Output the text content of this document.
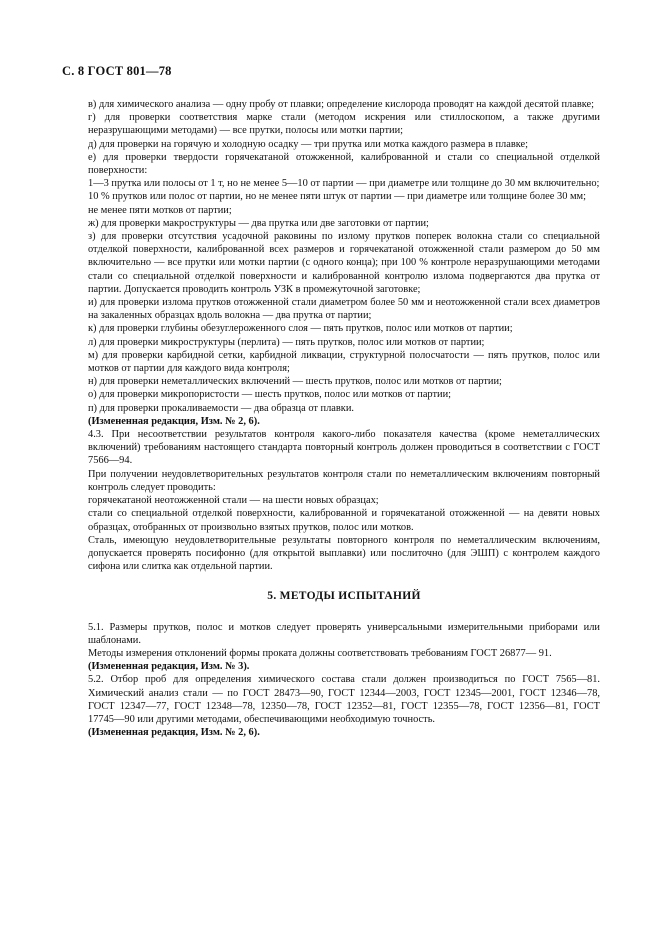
С. 8 ГОСТ 801—78

в) для химического анализа — одну пробу от плавки; определение кислорода проводят на каждой десятой плавке;

г) для проверки соответствия марке стали (методом искрения или стиллоскопом, а также другими неразрушающими методами) — все прутки, полосы или мотки партии;

д) для проверки на горячую и холодную осадку — три прутка или мотка каждого размера в плавке;

е) для проверки твердости горячекатаной отожженной, калиброванной и стали со специальной отделкой поверхности:

1—3 прутка или полосы от 1 т, но не менее 5—10 от партии — при диаметре или толщине до 30 мм включительно;

10 % прутков или полос от партии, но не менее пяти штук от партии — при диаметре или толщине более 30 мм;

не менее пяти мотков от партии;

ж) для проверки макроструктуры — два прутка или две заготовки от партии;

з) для проверки отсутствия усадочной раковины по излому прутков поперек волокна стали со специальной отделкой поверхности, калиброванной всех размеров и горячекатаной отожженной стали размером до 50 мм включительно — все прутки или мотки партии (с одного конца); при 100 % контроле неразрушающими методами стали со специальной отделкой поверхности и калиброванной контролю излома подвергаются два прутка от партии. Допускается проводить контроль УЗК в промежуточной заготовке;

и) для проверки излома прутков отожженной стали диаметром более 50 мм и неотожженной стали всех диаметров на закаленных образцах вдоль волокна — два прутка от партии;

к) для проверки глубины обезуглероженного слоя — пять прутков, полос или мотков от партии;

л) для проверки микроструктуры (перлита) — пять прутков, полос или мотков от партии;

м) для проверки карбидной сетки, карбидной ликвации, структурной полосчатости — пять прутков, полос или мотков от партии для каждого вида контроля;

н) для проверки неметаллических включений — шесть прутков, полос или мотков от партии;

о) для проверки микропористости — шесть прутков, полос или мотков от партии;

п) для проверки прокаливаемости — два образца от плавки.

(Измененная редакция, Изм. № 2, 6).

4.3. При несоответствии результатов контроля какого-либо показателя качества (кроме неметаллических включений) требованиям настоящего стандарта повторный контроль должен проводиться в соответствии с ГОСТ 7566—94.

При получении неудовлетворительных результатов контроля стали по неметаллическим включениям повторный контроль следует проводить:

горячекатаной неотожженной стали — на шести новых образцах;

стали со специальной отделкой поверхности, калиброванной и горячекатаной отожженной — на девяти новых образцах, отобранных от произвольно взятых прутков, полос или мотков.

Сталь, имеющую неудовлетворительные результаты повторного контроля по неметаллическим включениям, допускается проверять посифонно (для открытой выплавки) или послиточно (для ЭШП) с контролем каждого сифона или слитка как отдельной партии.

5. МЕТОДЫ ИСПЫТАНИЙ

5.1. Размеры прутков, полос и мотков следует проверять универсальными измерительными приборами или шаблонами.

Методы измерения отклонений формы проката должны соответствовать требованиям ГОСТ 26877— 91.

(Измененная редакция, Изм. № 3).

5.2. Отбор проб для определения химического состава стали должен производиться по ГОСТ 7565—81. Химический анализ стали — по ГОСТ 28473—90, ГОСТ 12344—2003, ГОСТ 12345—2001, ГОСТ 12346—78, ГОСТ 12347—77, ГОСТ 12348—78, 12350—78, ГОСТ 12352—81, ГОСТ 12355—78, ГОСТ 12356—81, ГОСТ 17745—90 или другими методами, обеспечивающими необходимую точность.

(Измененная редакция, Изм. № 2, 6).
